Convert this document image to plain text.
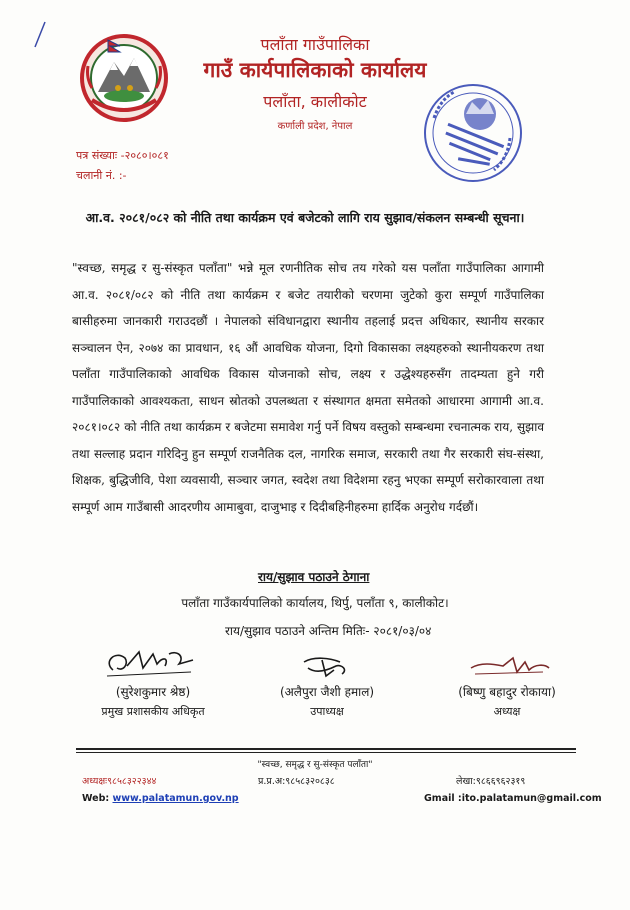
पलाँता गाउँपालिका
गाउँ कार्यपालिकाको कार्यालय
पलाँता, कालीकोट
कर्णाली प्रदेश, नेपाल
पत्र संख्याः -२०८०।०८१
चलानी नं. :-
आ.व. २०८१/०८२ को नीति तथा कार्यक्रम एवं बजेटको लागि राय सुझाव/संकलन सम्बन्धी सूचना।
"स्वच्छ, समृद्ध र सु-संस्कृत पलाँता" भन्ने मूल रणनीतिक सोच तय गरेको यस पलाँता गाउँपालिका आगामी आ.व. २०८१/०८२ को नीति तथा कार्यक्रम र बजेट तयारीको चरणमा जुटेको कुरा सम्पूर्ण गाउँपालिका बासीहरुमा जानकारी गराउदछौं । नेपालको संविधानद्वारा स्थानीय तहलाई प्रदत्त अधिकार, स्थानीय सरकार सञ्चालन ऐन, २०७४ का प्रावधान, १६ औं आवधिक योजना, दिगो विकासका लक्ष्यहरुको स्थानीयकरण तथा पलाँता गाउँपालिकाको आवधिक विकास योजनाको सोच, लक्ष्य र उद्धेश्यहरुसँग तादम्यता हुने गरी गाउँपालिकाको आवश्यकता, साधन स्रोतको उपलब्धता र संस्थागत क्षमता समेतको आधारमा आगामी आ.व. २०८१।०८२ को नीति तथा कार्यक्रम र बजेटमा समावेश गर्नु पर्ने विषय वस्तुको सम्बन्धमा रचनात्मक राय, सुझाव तथा सल्लाह प्रदान गरिदिनु हुन सम्पूर्ण राजनैतिक दल, नागरिक समाज, सरकारी तथा गैर सरकारी संघ-संस्था, शिक्षक, बुद्धिजीवि, पेशा व्यवसायी, सञ्चार जगत, स्वदेश तथा विदेशमा रहनु भएका सम्पूर्ण सरोकारवाला तथा सम्पूर्ण आम गाउँबासी आदरणीय आमाबुवा, दाजुभाइ र दिदीबहिनीहरुमा हार्दिक अनुरोध गर्दछौं।
राय/सुझाव पठाउने ठेगाना
पलाँता गाउँकार्यपालिको कार्यालय, थिर्पु, पलाँता ९, कालीकोट।
राय/सुझाव पठाउने अन्तिम मितिः- २०८१/०३/०४
(सुरेशकुमार श्रेष्ठ)
प्रमुख प्रशासकीय अधिकृत
(अलैपुरा जैशी हमाल)
उपाध्यक्ष
(बिष्णु बहादुर रोकाया)
अध्यक्ष
"स्वच्छ, समृद्ध र सु-संस्कृत पलाँता"
अध्यक्षः९८५८३२२३४४	प्र.प्र.अ:९८५८३२०८३८	लेखा:९८६६९६२३१९
Web: www.palatamun.gov.np	Gmail :ito.palatamun@gmail.com
